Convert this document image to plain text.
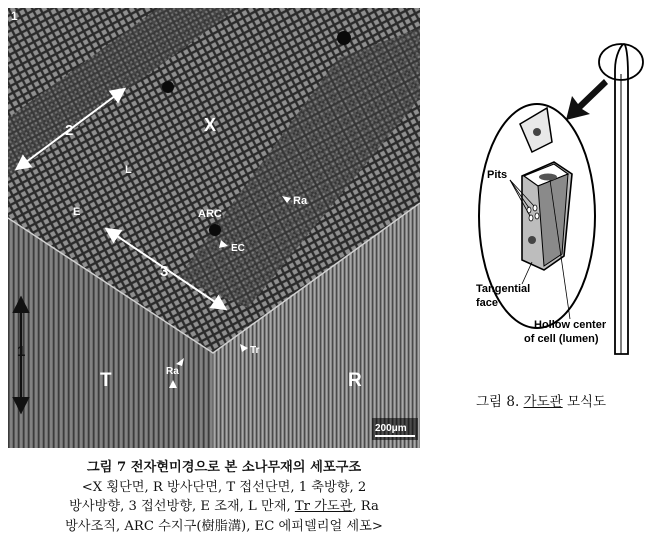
1
2	X
L
E	ARC
Ra
EC
3
1
T	R
Ra
Tr
200μm
Pits
Tangential
face
Hollow center
of cell (lumen)
그림 7 전자현미경으로 본 소나무재의 세포구조
<X 횡단면, R 방사단면, T 접선단면, 1 축방향, 2
방사방향, 3 접선방향, E 조재, L 만재, Tr 가도관, Ra
방사조직, ARC 수지구(樹脂溝), EC 에피델리얼 세포>
그림 8. 가도관 모식도
